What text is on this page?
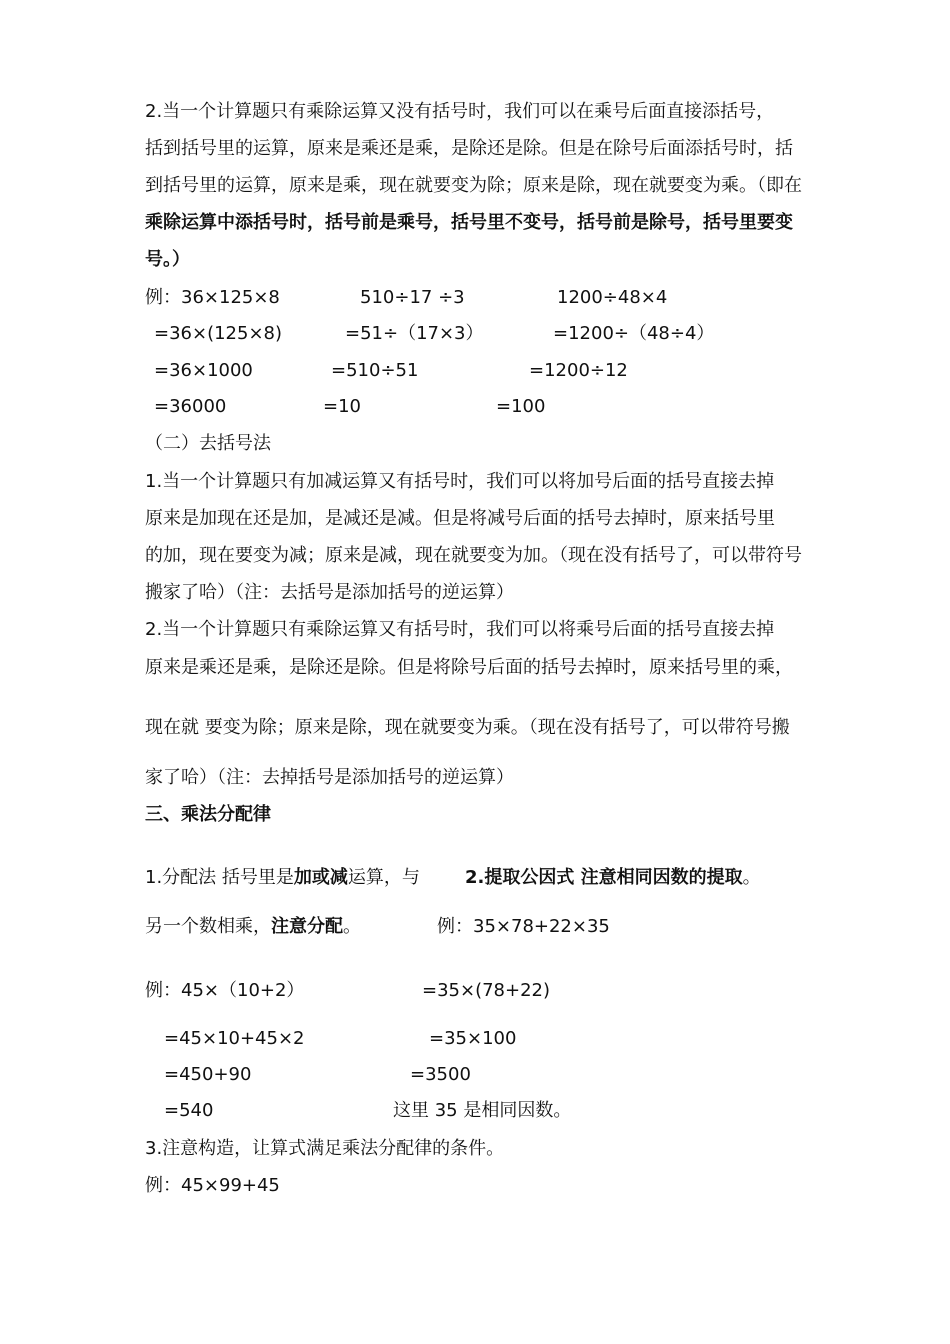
2.当一个计算题只有乘除运算又没有括号时，我们可以在乘号后面直接添括号，
括到括号里的运算，原来是乘还是乘，是除还是除。但是在除号后面添括号时，括
到括号里的运算，原来是乘，现在就要变为除；原来是除，现在就要变为乘。（即在
乘除运算中添括号时，括号前是乘号，括号里不变号，括号前是除号，括号里要变
号。）
例：36×125×8
=36×(125×8)
=36×1000
=36000
510÷17 ÷3
=51÷（17×3）
=510÷51
=10
1200÷48×4
=1200÷（48÷4）
=1200÷12
=100
（二）去括号法
1.当一个计算题只有加减运算又有括号时，我们可以将加号后面的括号直接去掉
原来是加现在还是加，是减还是减。但是将减号后面的括号去掉时，原来括号里
的加，现在要变为减；原来是减，现在就要变为加。（现在没有括号了，可以带符号
搬家了哈）（注：去括号是添加括号的逆运算）
2.当一个计算题只有乘除运算又有括号时，我们可以将乘号后面的括号直接去掉
原来是乘还是乘，是除还是除。但是将除号后面的括号去掉时，原来括号里的乘，
现在就 要变为除；原来是除，现在就要变为乘。（现在没有括号了，可以带符号搬
家了哈）（注：去掉括号是添加括号的逆运算）
三、乘法分配律
1.分配法 括号里是加或减运算，与	2.提取公因式 注意相同因数的提取。
另一个数相乘，注意分配。	例：35×78+22×35
例：45×（10+2）
=45×10+45×2
=450+90
=540
=35×(78+22)
=35×100
=3500
这里 35 是相同因数。
3.注意构造，让算式满足乘法分配律的条件。
例：45×99+45
